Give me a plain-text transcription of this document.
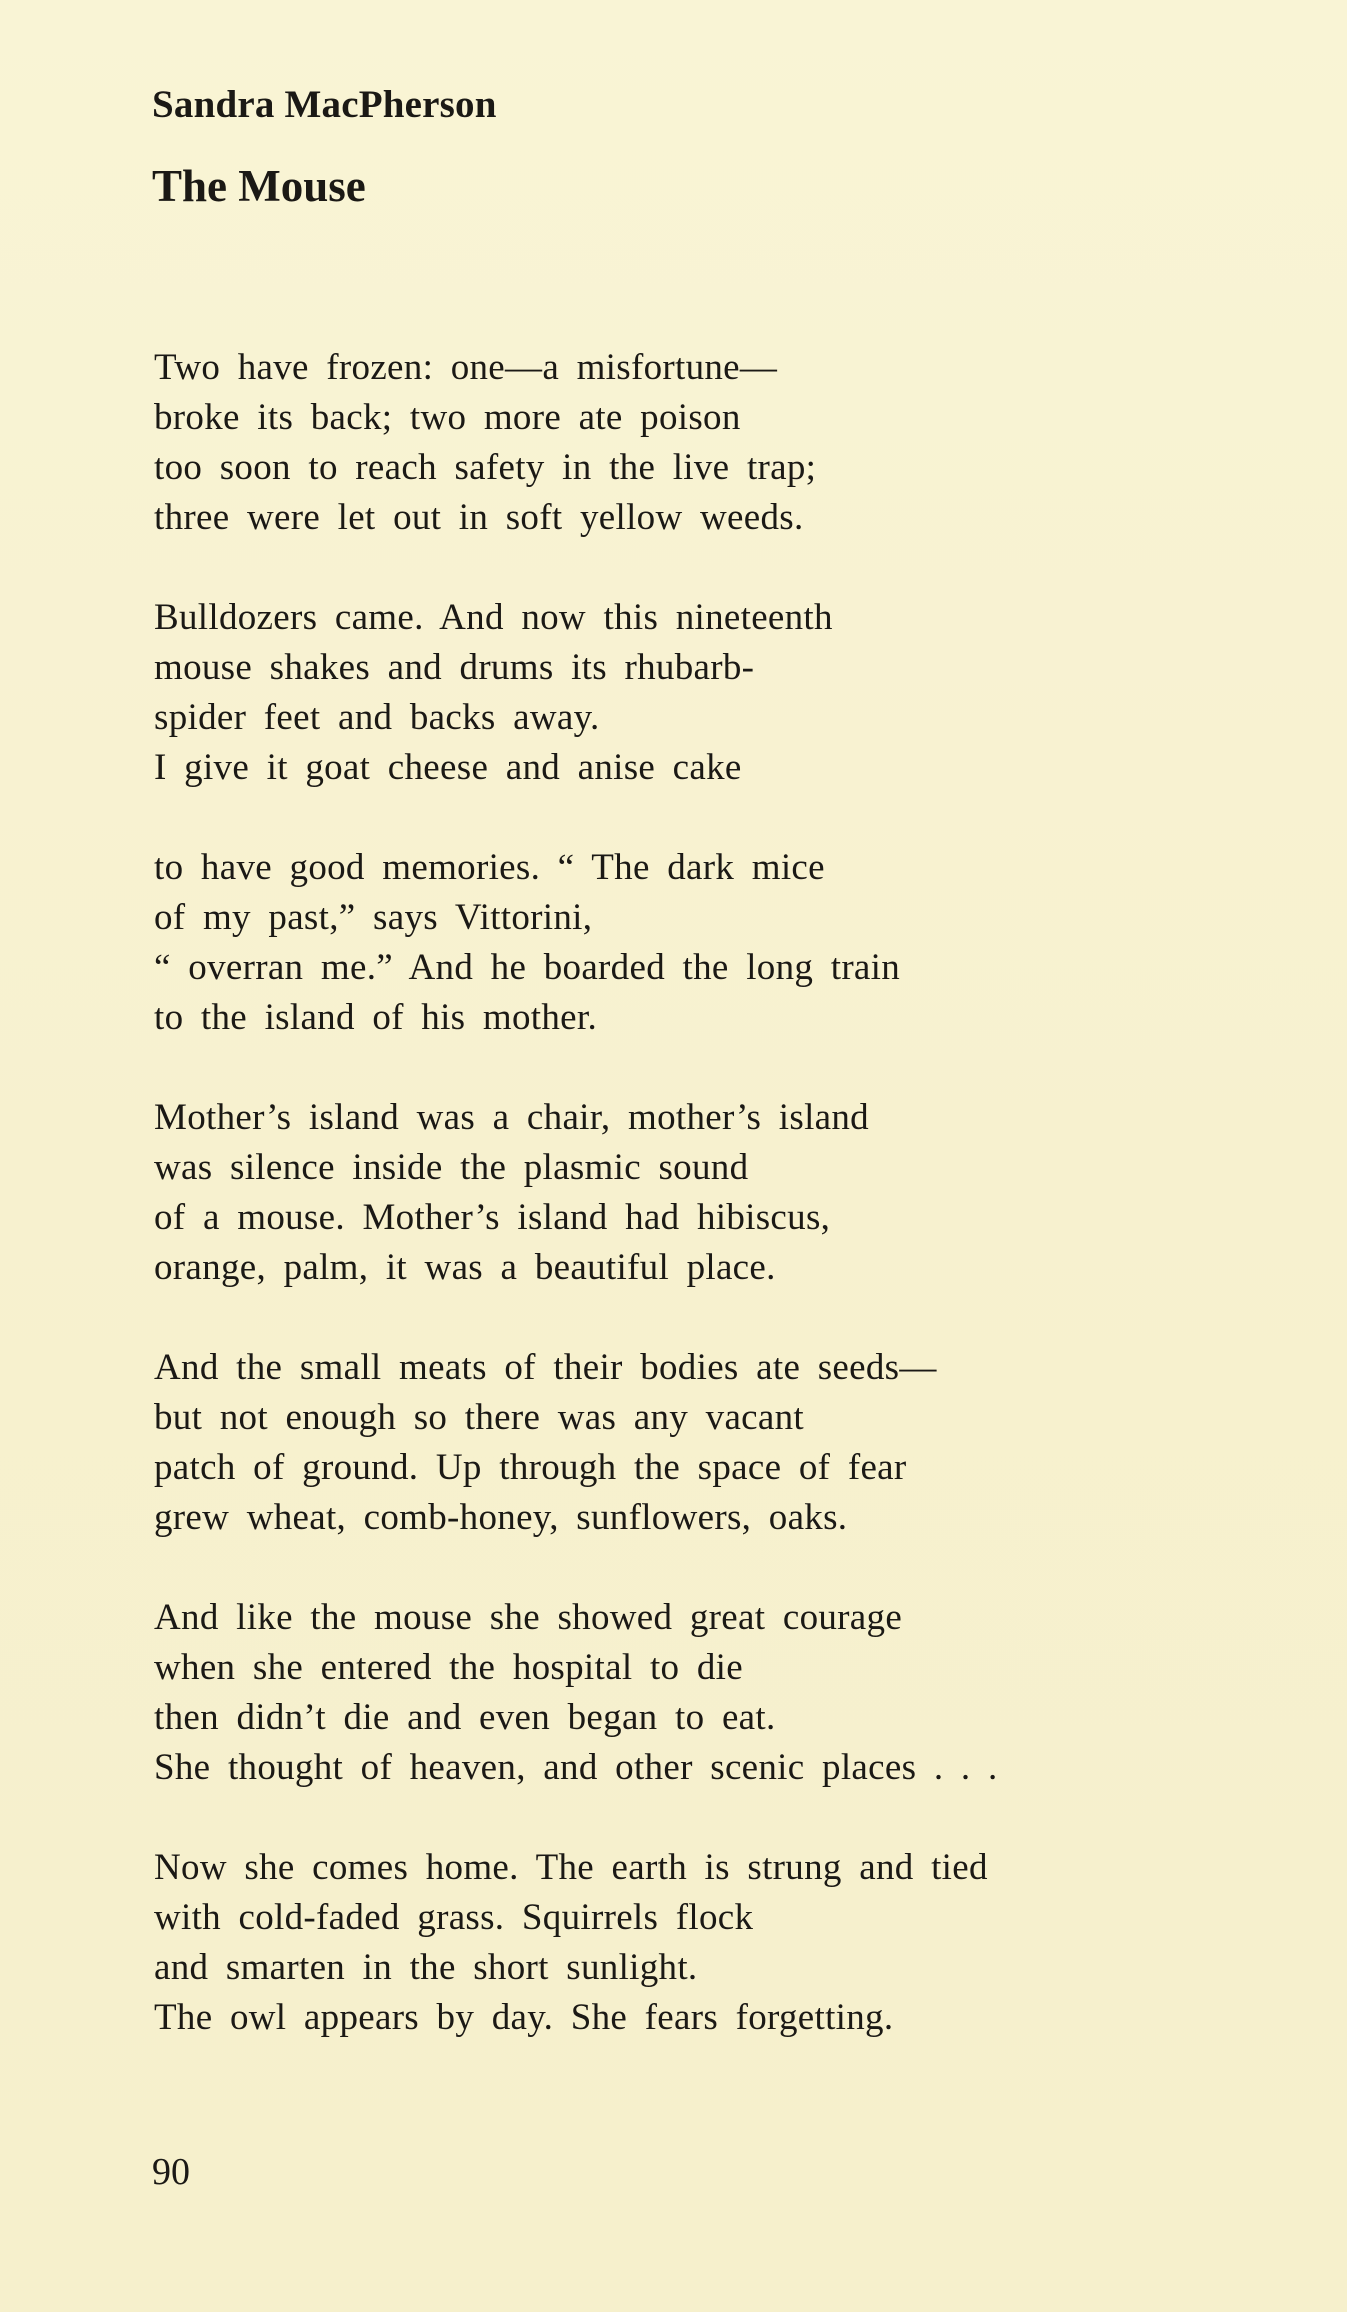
Sandra MacPherson
The Mouse
Two have frozen: one—a misfortune—
broke its back; two more ate poison
too soon to reach safety in the live trap;
three were let out in soft yellow weeds.
Bulldozers came. And now this nineteenth
mouse shakes and drums its rhubarb-
spider feet and backs away.
I give it goat cheese and anise cake
to have good memories. “ The dark mice
of my past,” says Vittorini,
“ overran me.” And he boarded the long train
to the island of his mother.
Mother’s island was a chair, mother’s island
was silence inside the plasmic sound
of a mouse. Mother’s island had hibiscus,
orange, palm, it was a beautiful place.
And the small meats of their bodies ate seeds—
but not enough so there was any vacant
patch of ground. Up through the space of fear
grew wheat, comb-honey, sunflowers, oaks.
And like the mouse she showed great courage
when she entered the hospital to die
then didn’t die and even began to eat.
She thought of heaven, and other scenic places . . .
Now she comes home. The earth is strung and tied
with cold-faded grass. Squirrels flock
and smarten in the short sunlight.
The owl appears by day. She fears forgetting.
90
